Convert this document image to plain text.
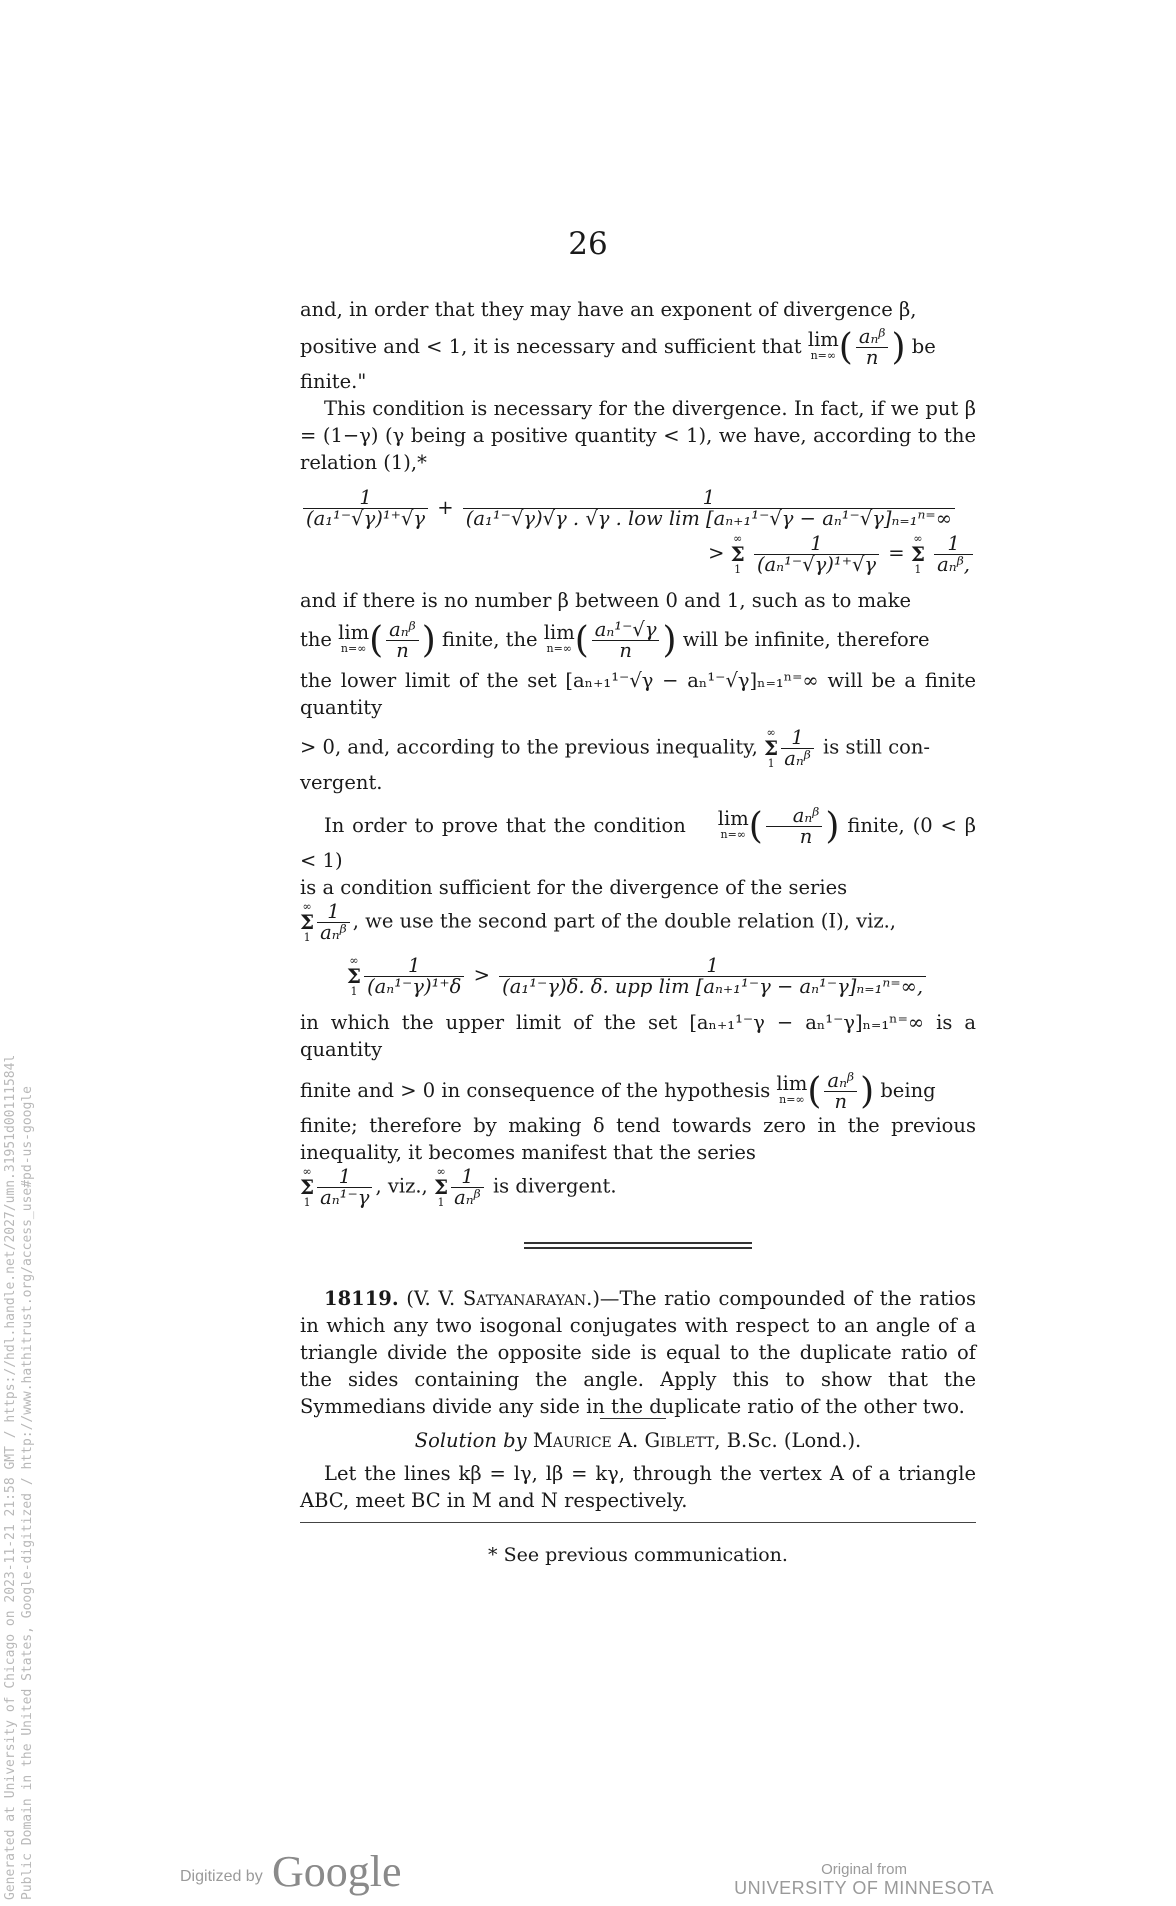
Generated at University of Chicago on 2023-11-21 21:58 GMT / https://hdl.handle.net/2027/umn.31951d00111584l Public Domain in the United States, Google-digitized / http://www.hathitrust.org/access_use#pd-us-google
26

and, in order that they may have an exponent of divergence β,

positive and < 1, it is necessary and sufficient that lim
n=∞ ( $\frac{\text{aₙᵝ}}{n}$ ) be
finite."

This condition is necessary for the divergence. In fact, if we put β = (1−γ) (γ being a positive quantity < 1), we have, according to the relation (1),*

$\frac{1}{\text{(a₁¹⁻√γ)¹⁺√γ}} + \frac{1}{\text{(a₁¹⁻√γ)√γ . √γ . low lim [aₙ₊₁¹⁻√γ − aₙ¹⁻√γ]ₙ₌₁ⁿ⁼∞}}$
> ∞
Σ
$1 \frac{1}{\text{(aₙ¹⁻√γ)¹⁺√γ}}$ = ∞
Σ
$1 \frac{1}{\text{aₙᵝ,}}$

and if there is no number β between 0 and 1, such as to make

the lim
n=∞ ( $\frac{\text{aₙᵝ}}{n}$ ) finite, the lim
n=∞ ( $\frac{\text{aₙ¹⁻√γ}}{n}$ ) will be infinite, therefore

the lower limit of the set [aₙ₊₁¹⁻√γ − aₙ¹⁻√γ]ₙ₌₁ⁿ⁼∞ will be a finite quantity

> 0, and, according to the previous inequality, ∞
Σ
$1 \frac{1}{\text{aₙᵝ}}$ is still con-
vergent.

In order to prove that the condition lim
n=∞ ( $\frac{\text{aₙᵝ}}{n}$ ) finite, (0 < β < 1)

is a condition sufficient for the divergence of the series

∞
Σ
$1 \frac{1}{\text{aₙᵝ}}$ , we use the second part of the double relation (I), viz.,

∞
Σ
$1 \frac{1}{\text{(aₙ¹⁻γ)¹⁺δ}} > \frac{1}{\text{(a₁¹⁻γ)δ. δ. upp lim [aₙ₊₁¹⁻γ − aₙ¹⁻γ]ₙ₌₁ⁿ⁼∞,}}$

in which the upper limit of the set [aₙ₊₁¹⁻γ − aₙ¹⁻γ]ₙ₌₁ⁿ⁼∞ is a quantity

finite and > 0 in consequence of the hypothesis lim
n=∞ ( $\frac{\text{aₙᵝ}}{n}$ ) being

finite; therefore by making δ tend towards zero in the previous inequality, it becomes manifest that the series

∞
Σ
$1 \frac{1}{\text{aₙ¹⁻γ}}$ , viz., ∞
Σ
$1 \frac{1}{\text{aₙᵝ}}$ is divergent.

18119. (V. V. Satyanarayan.)—The ratio compounded of the ratios in which any two isogonal conjugates with respect to an angle of a triangle divide the opposite side is equal to the duplicate ratio of the sides containing the angle. Apply this to show that the Symmedians divide any side in the duplicate ratio of the other two.

Solution by Maurice A. Giblett, B.Sc. (Lond.).

Let the lines kβ = lγ, lβ = kγ, through the vertex A of a triangle ABC, meet BC in M and N respectively.

* See previous communication.

Digitized by Google	Original from
UNIVERSITY OF MINNESOTA
